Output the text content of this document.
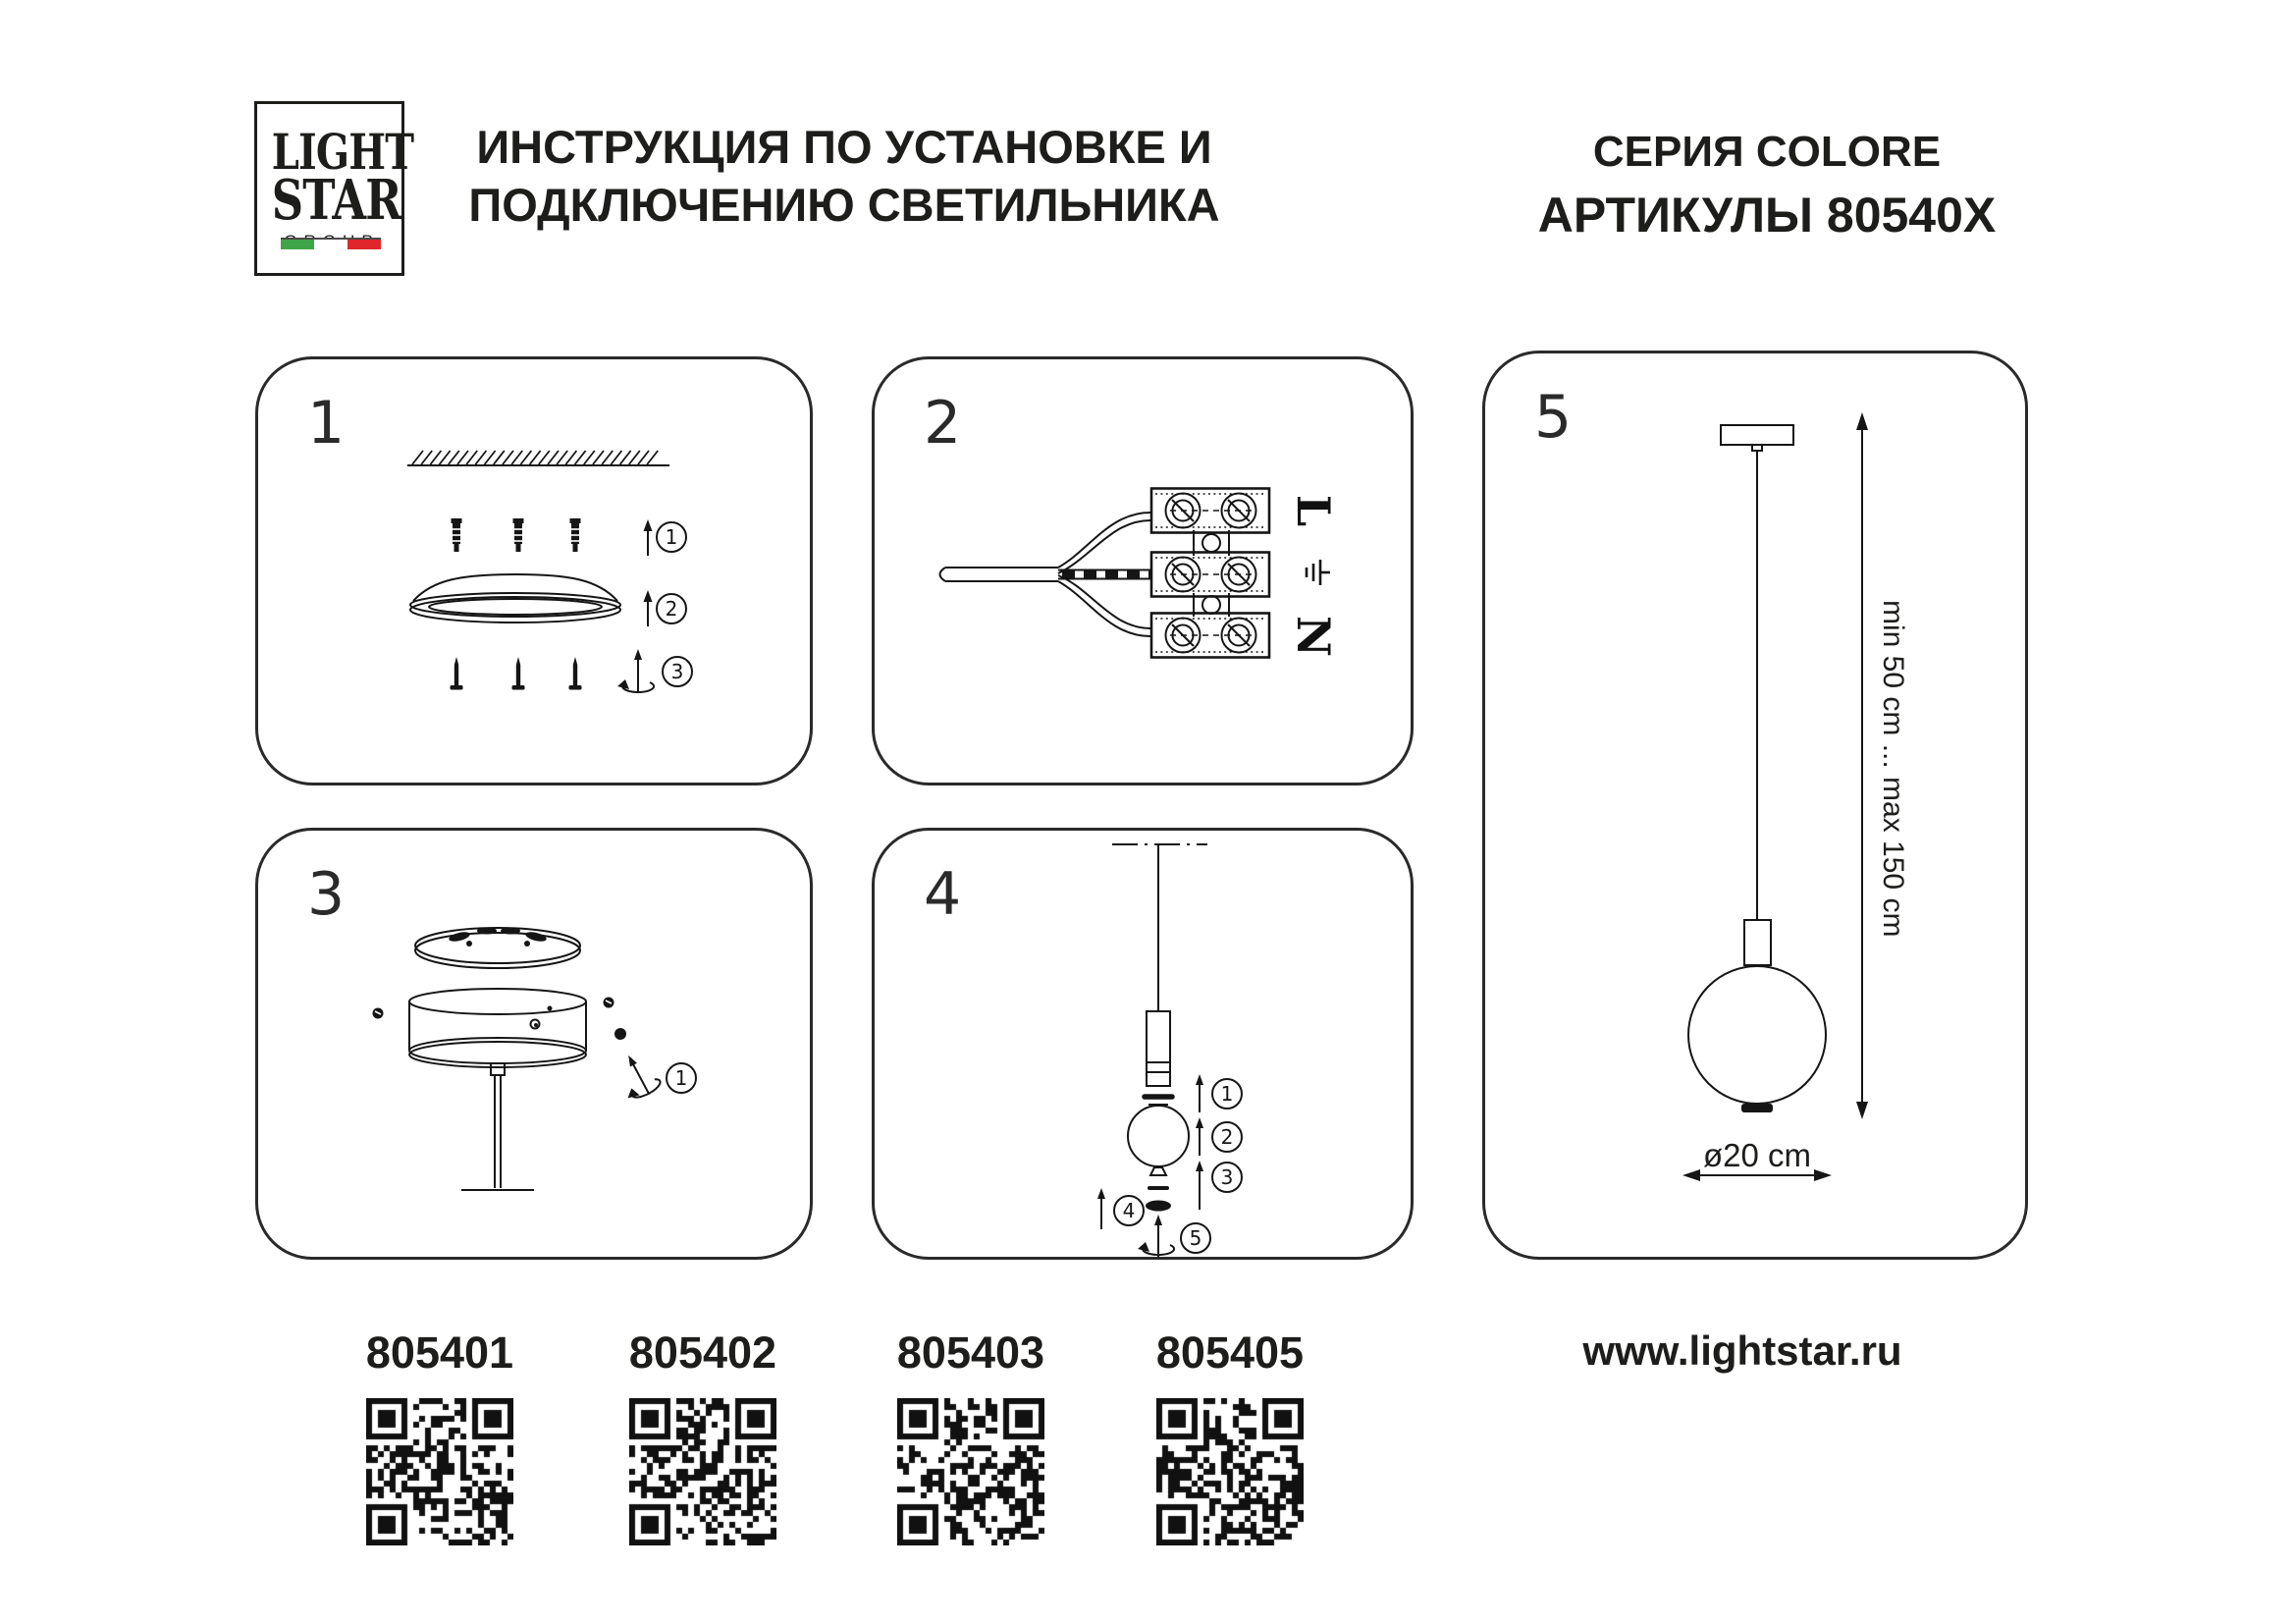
LIGHT
STAR
ИНСТРУКЦИЯ ПО УСТАНОВКЕ И
ПОДКЛЮЧЕНИЮ СВЕТИЛЬНИКА
СЕРИЯ COLORE
АРТИКУЛЫ 80540X
1	2
3	4
5
1
2
3
1
1
2
3
4
5
L
N	min 50 cm ... max 150 cm
ø20 cm
805401	805402	805403	805405	www.lightstar.ru
